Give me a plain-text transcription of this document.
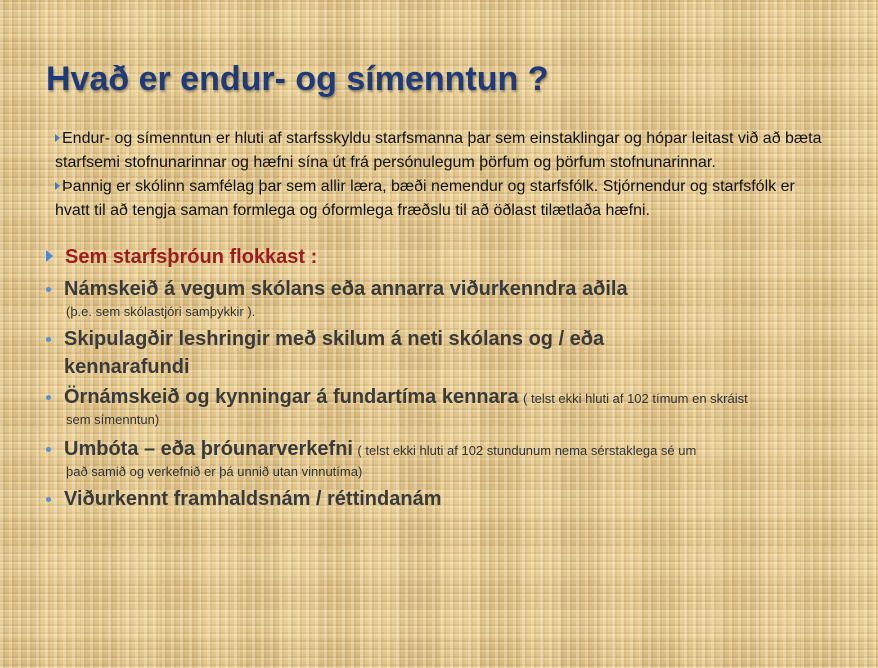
Hvað er endur- og símenntun ?
Endur- og símenntun er hluti af starfsskyldu starfsmanna þar sem einstaklingar og hópar leitast við að bæta
starfsemi stofnunarinnar og hæfni sína út frá persónulegum þörfum og þörfum stofnunarinnar.
Þannig er skólinn samfélag þar sem allir læra, bæði nemendur og starfsfólk. Stjórnendur og starfsfólk er
hvatt til að tengja saman formlega og óformlega fræðslu til að öðlast tilætlaða hæfni.
Sem starfsþróun flokkast :
Námskeið á vegum skólans eða annarra viðurkenndra aðila
(þ.e. sem skólastjóri samþykkir ).
Skipulagðir leshringir með skilum á neti skólans og / eða
kennarafundi
Örnámskeið og kynningar á fundartíma kennara ( telst ekki hluti af 102 tímum en skráist
sem símenntun)
Umbóta – eða þróunarverkefni ( telst ekki hluti af 102 stundunum nema sérstaklega sé um
það samið og verkefnið er þá unnið utan vinnutíma)
Viðurkennt framhaldsnám / réttindanám
